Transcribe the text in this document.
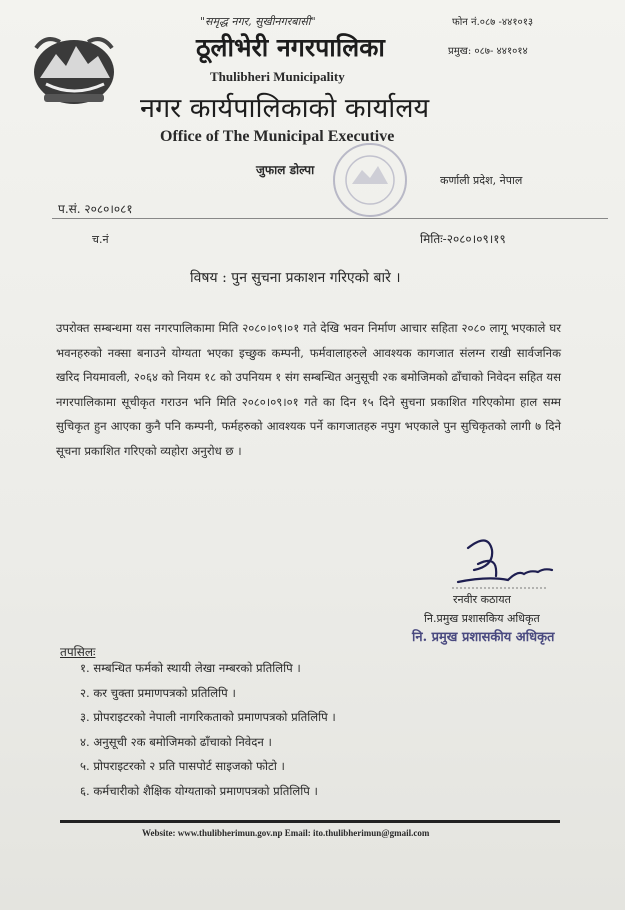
"समृद्ध नगर, सुखीनगरबासी"	फोन नं.०८७ -४४१०१३
ठूलीभेरी नगरपालिका	प्रमुख: ०८७- ४४१०१४
Thulibheri Municipality
नगर कार्यपालिकाको कार्यालय
Office of The Municipal Executive
जुफाल डोल्पा
कर्णाली प्रदेश, नेपाल
प.सं. २०८०।०८१
च.नं	मितिः-२०८०।०९।१९
विषय : पुन सुचना प्रकाशन गरिएको बारे ।
उपरोक्त सम्बन्धमा यस नगरपालिकामा मिति २०८०।०९।०१ गते देखि भवन निर्माण आचार सहिता २०८० लागू भएकाले घर भवनहरुको नक्सा बनाउने योग्यता भएका इच्छुक कम्पनी, फर्मवालाहरुले आवश्यक कागजात संलग्न राखी सार्वजनिक खरिद नियमावली, २०६४ को नियम १८ को उपनियम १ संग सम्बन्धित अनुसूची २क बमोजिमको ढाँचाको निवेदन सहित यस नगरपालिकामा सूचीकृत गराउन भनि मिति २०८०।०९।०१ गते का दिन १५ दिने सुचना प्रकाशित गरिएकोमा हाल सम्म सुचिकृत हुन आएका कुनै पनि कम्पनी, फर्महरुको आवश्यक पर्ने कागजातहरु नपुग भएकाले पुन सुचिकृतको लागी ७ दिने सूचना प्रकाशित गरिएको व्यहोरा अनुरोध छ ।
रनवीर कठायत
नि.प्रमुख प्रशासकिय अधिकृत
नि. प्रमुख प्रशासकीय अधिकृत
तपसिलः
१. सम्बन्धित फर्मको स्थायी लेखा नम्बरको प्रतिलिपि ।
२. कर चुक्ता प्रमाणपत्रको प्रतिलिपि ।
३. प्रोपराइटरको नेपाली नागरिकताको प्रमाणपत्रको प्रतिलिपि ।
४. अनुसूची २क बमोजिमको ढाँचाको निवेदन ।
५. प्रोपराइटरको २ प्रति पासपोर्ट साइजको फोटो ।
६. कर्मचारीको शैक्षिक योग्यताको प्रमाणपत्रको प्रतिलिपि ।
Website: www.thulibherimun.gov.np Email: ito.thulibherimun@gmail.com
